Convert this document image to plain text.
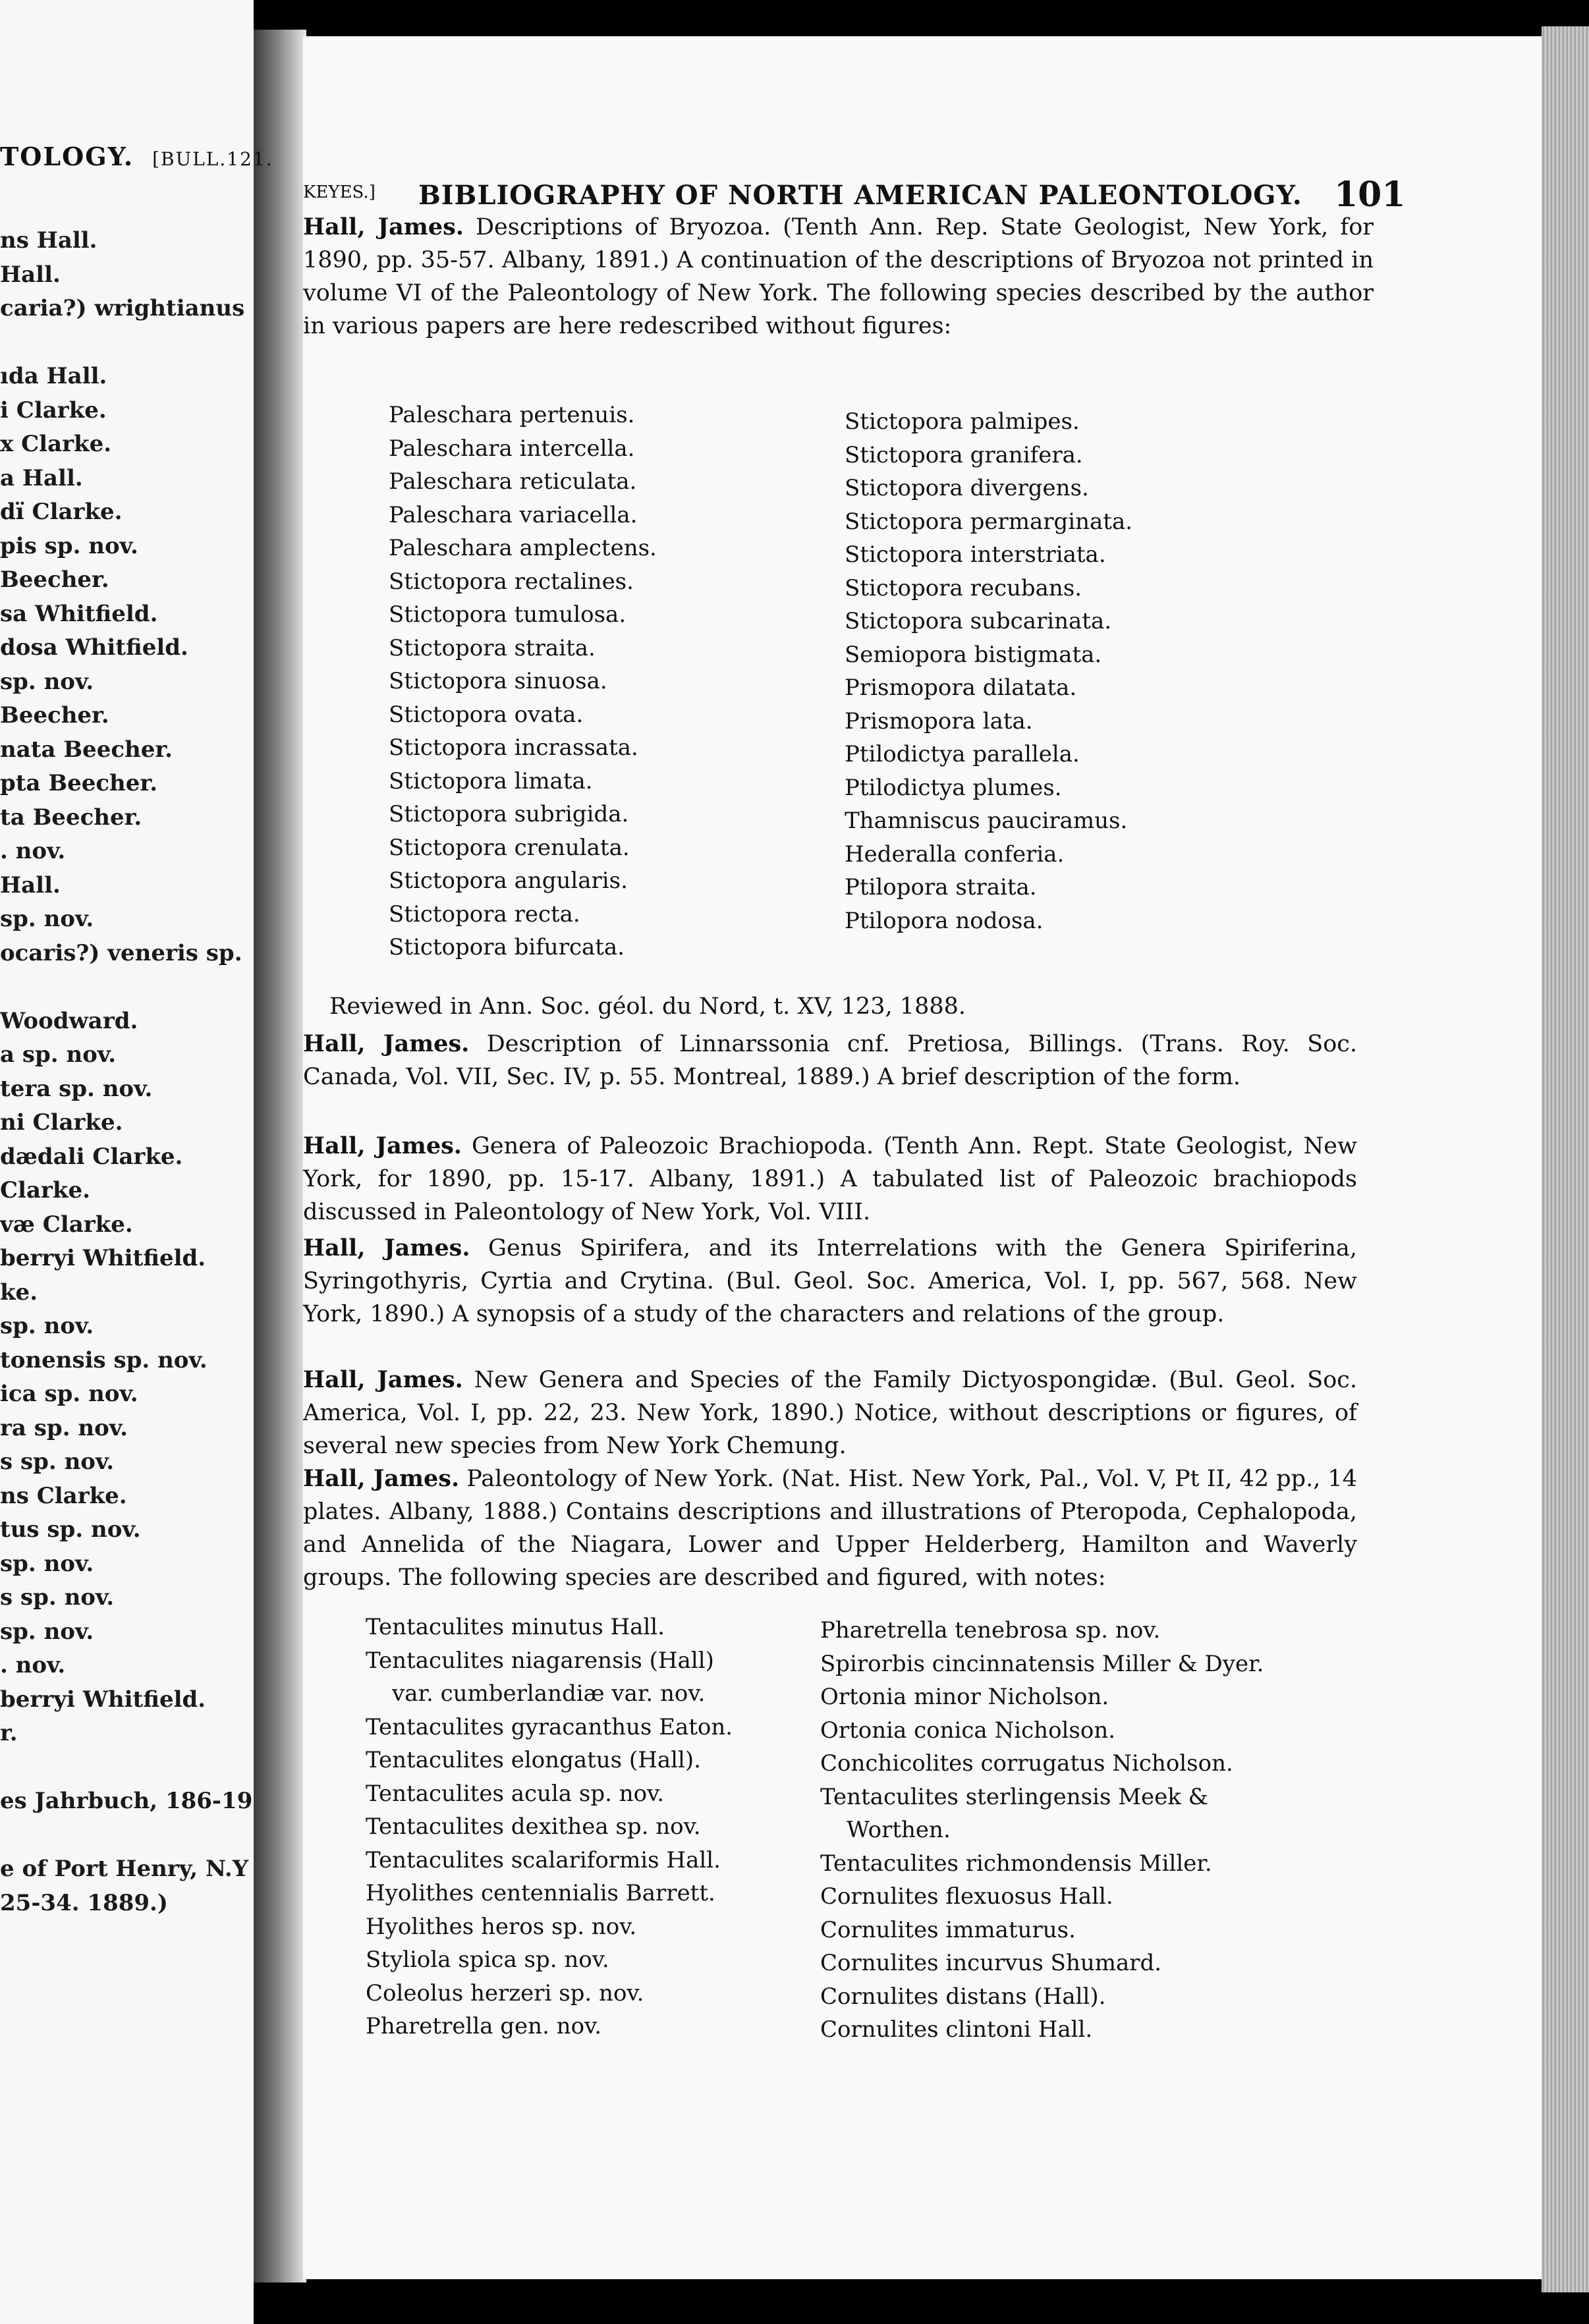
TOLOGY. [BULL.121.
ns Hall.
Hall.
caria?) wrightianus
ıda Hall.
i Clarke.
x Clarke.
a Hall.
dï Clarke.
pis sp. nov.
Beecher.
sa Whitfield.
dosa Whitfield.
sp. nov.
Beecher.
nata Beecher.
pta Beecher.
ta Beecher.
. nov.
Hall.
sp. nov.
ocaris?) veneris sp.
Woodward.
a sp. nov.
tera sp. nov.
ni Clarke.
dædali Clarke.
Clarke.
væ Clarke.
berryi Whitfield.
ke.
sp. nov.
tonensis sp. nov.
ica sp. nov.
ra sp. nov.
s sp. nov.
ns Clarke.
tus sp. nov.
sp. nov.
s sp. nov.
sp. nov.
. nov.
berryi Whitfield.
r.
es Jahrbuch, 186-19
e of Port Henry, N.Y
25-34. 1889.)
KEYES.] BIBLIOGRAPHY OF NORTH AMERICAN PALEONTOLOGY. 101
Hall, James. Descriptions of Bryozoa. (Tenth Ann. Rep. State Geologist, New York, for 1890, pp. 35-57. Albany, 1891.) A continuation of the descriptions of Bryozoa not printed in volume VI of the Paleontology of New York. The following species described by the author in various papers are here redescribed without figures:
Paleschara pertenuis.
Paleschara intercella.
Paleschara reticulata.
Paleschara variacella.
Paleschara amplectens.
Stictopora rectalines.
Stictopora tumulosa.
Stictopora straita.
Stictopora sinuosa.
Stictopora ovata.
Stictopora incrassata.
Stictopora limata.
Stictopora subrigida.
Stictopora crenulata.
Stictopora angularis.
Stictopora recta.
Stictopora bifurcata.
Stictopora palmipes.
Stictopora granifera.
Stictopora divergens.
Stictopora permarginata.
Stictopora interstriata.
Stictopora recubans.
Stictopora subcarinata.
Semiopora bistigmata.
Prismopora dilatata.
Prismopora lata.
Ptilodictya parallela.
Ptilodictya plumes.
Thamniscus pauciramus.
Hederalla conferia.
Ptilopora straita.
Ptilopora nodosa.
Reviewed in Ann. Soc. géol. du Nord, t. XV, 123, 1888.
Hall, James. Description of Linnarssonia cnf. Pretiosa, Billings. (Trans. Roy. Soc. Canada, Vol. VII, Sec. IV, p. 55. Montreal, 1889.) A brief description of the form.
Hall, James. Genera of Paleozoic Brachiopoda. (Tenth Ann. Rept. State Geologist, New York, for 1890, pp. 15-17. Albany, 1891.) A tabulated list of Paleozoic brachiopods discussed in Paleontology of New York, Vol. VIII.
Hall, James. Genus Spirifera, and its Interrelations with the Genera Spiriferina, Syringothyris, Cyrtia and Crytina. (Bul. Geol. Soc. America, Vol. I, pp. 567, 568. New York, 1890.) A synopsis of a study of the characters and relations of the group.
Hall, James. New Genera and Species of the Family Dictyospongidæ. (Bul. Geol. Soc. America, Vol. I, pp. 22, 23. New York, 1890.) Notice, without descriptions or figures, of several new species from New York Chemung.
Hall, James. Paleontology of New York. (Nat. Hist. New York, Pal., Vol. V, Pt II, 42 pp., 14 plates. Albany, 1888.) Contains descriptions and illustrations of Pteropoda, Cephalopoda, and Annelida of the Niagara, Lower and Upper Helderberg, Hamilton and Waverly groups. The following species are described and figured, with notes:
Tentaculites minutus Hall.
Tentaculites niagarensis (Hall)
var. cumberlandiæ var. nov.
Tentaculites gyracanthus Eaton.
Tentaculites elongatus (Hall).
Tentaculites acula sp. nov.
Tentaculites dexithea sp. nov.
Tentaculites scalariformis Hall.
Hyolithes centennialis Barrett.
Hyolithes heros sp. nov.
Styliola spica sp. nov.
Coleolus herzeri sp. nov.
Pharetrella gen. nov.
Pharetrella tenebrosa sp. nov.
Spirorbis cincinnatensis Miller & Dyer.
Ortonia minor Nicholson.
Ortonia conica Nicholson.
Conchicolites corrugatus Nicholson.
Tentaculites sterlingensis Meek &
Worthen.
Tentaculites richmondensis Miller.
Cornulites flexuosus Hall.
Cornulites immaturus.
Cornulites incurvus Shumard.
Cornulites distans (Hall).
Cornulites clintoni Hall.
